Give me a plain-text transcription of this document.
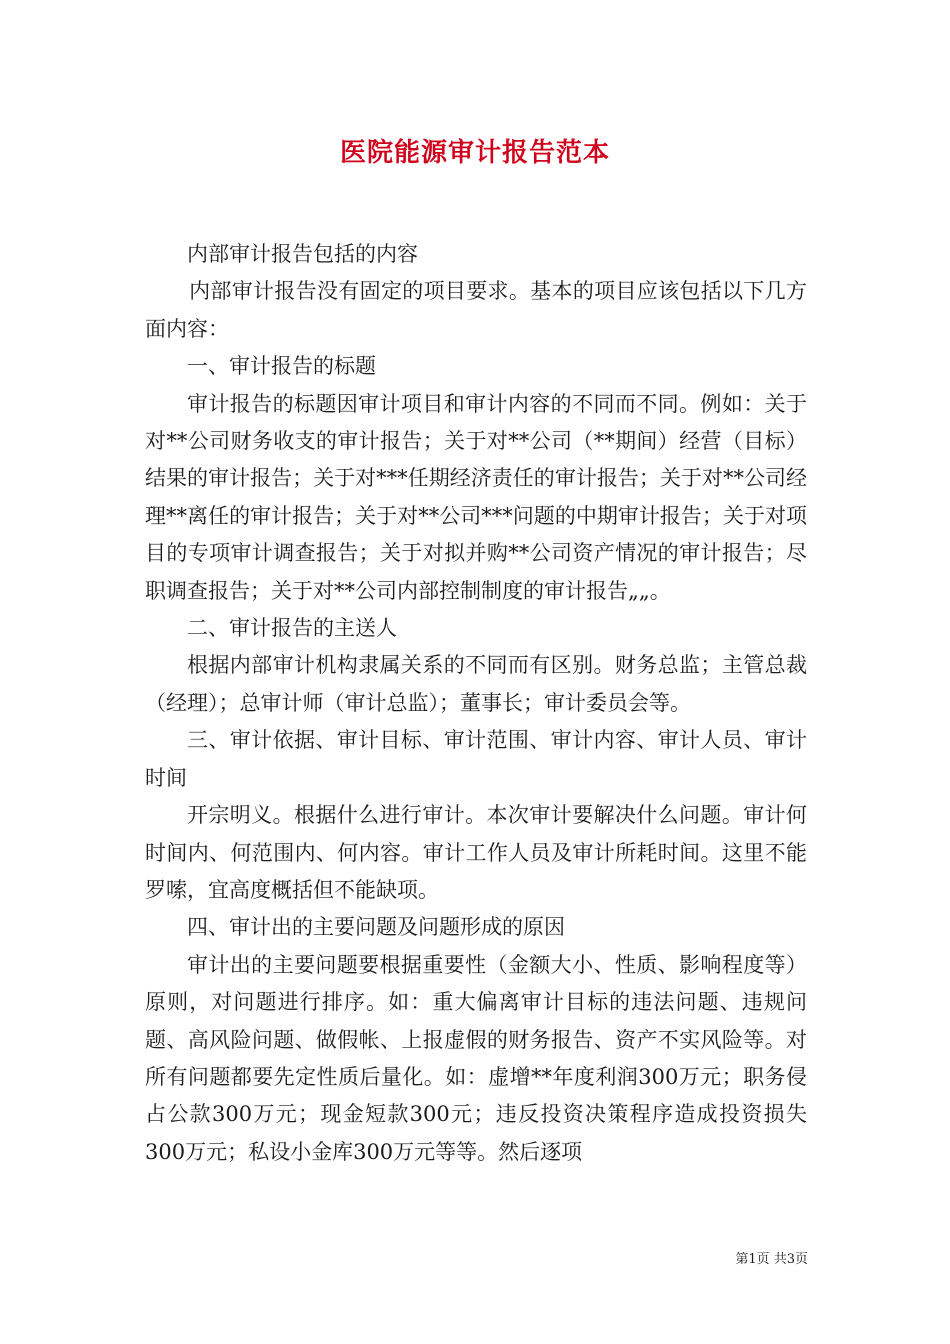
医院能源审计报告范本

内部审计报告包括的内容

内部审计报告没有固定的项目要求。基本的项目应该包括以下几方面内容：

一、审计报告的标题

审计报告的标题因审计项目和审计内容的不同而不同。例如：关于对**公司财务收支的审计报告；关于对**公司（**期间）经营（目标）结果的审计报告；关于对***任期经济责任的审计报告；关于对**公司经理**离任的审计报告；关于对**公司***问题的中期审计报告；关于对项目的专项审计调查报告；关于对拟并购**公司资产情况的审计报告；尽职调查报告；关于对**公司内部控制制度的审计报告„„。

二、审计报告的主送人

根据内部审计机构隶属关系的不同而有区别。财务总监；主管总裁（经理）；总审计师（审计总监）；董事长；审计委员会等。

三、审计依据、审计目标、审计范围、审计内容、审计人员、审计时间

开宗明义。根据什么进行审计。本次审计要解决什么问题。审计何时间内、何范围内、何内容。审计工作人员及审计所耗时间。这里不能罗嗦，宜高度概括但不能缺项。

四、审计出的主要问题及问题形成的原因

审计出的主要问题要根据重要性（金额大小、性质、影响程度等）原则，对问题进行排序。如：重大偏离审计目标的违法问题、违规问题、高风险问题、做假帐、上报虚假的财务报告、资产不实风险等。对所有问题都要先定性质后量化。如：虚增**年度利润300万元；职务侵占公款300万元；现金短款300元；违反投资决策程序造成投资损失300万元；私设小金库300万元等等。然后逐项

第1页 共3页
